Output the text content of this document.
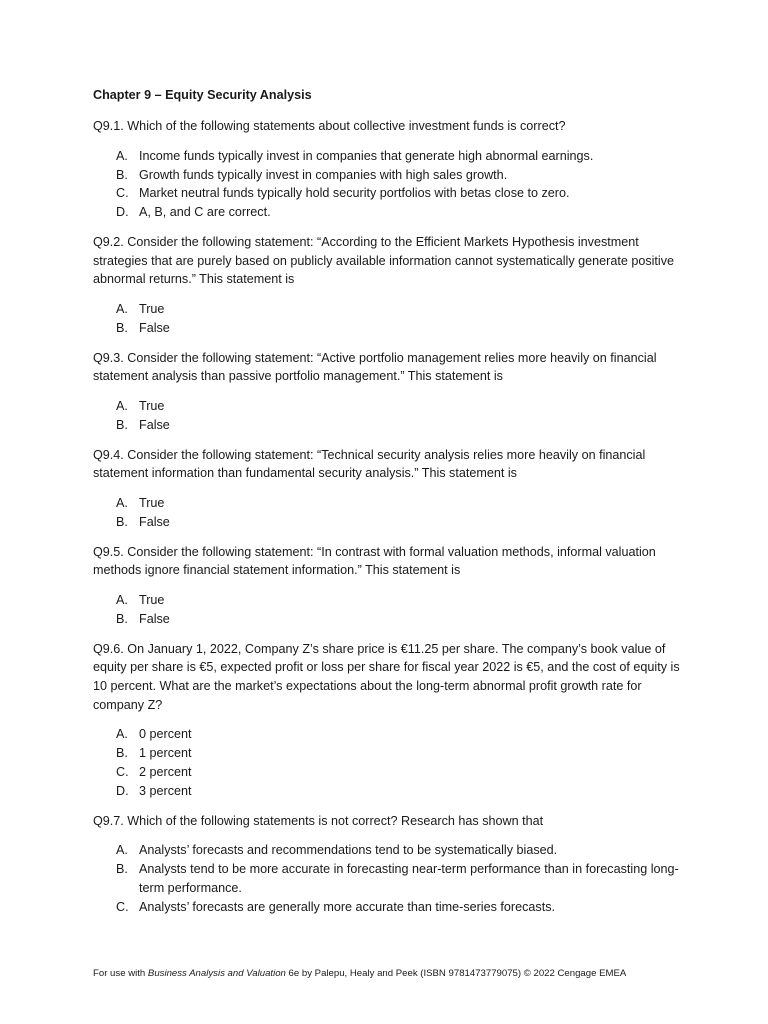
Chapter 9 – Equity Security Analysis

Q9.1. Which of the following statements about collective investment funds is correct?

A. Income funds typically invest in companies that generate high abnormal earnings.
B. Growth funds typically invest in companies with high sales growth.
C. Market neutral funds typically hold security portfolios with betas close to zero.
D. A, B, and C are correct.

Q9.2. Consider the following statement: “According to the Efficient Markets Hypothesis investment strategies that are purely based on publicly available information cannot systematically generate positive abnormal returns.” This statement is

A. True
B. False

Q9.3. Consider the following statement: “Active portfolio management relies more heavily on financial statement analysis than passive portfolio management.” This statement is

A. True
B. False

Q9.4. Consider the following statement: “Technical security analysis relies more heavily on financial statement information than fundamental security analysis.” This statement is

A. True
B. False

Q9.5. Consider the following statement: “In contrast with formal valuation methods, informal valuation methods ignore financial statement information.” This statement is

A. True
B. False

Q9.6. On January 1, 2022, Company Z’s share price is €11.25 per share. The company’s book value of equity per share is €5, expected profit or loss per share for fiscal year 2022 is €5, and the cost of equity is 10 percent. What are the market’s expectations about the long-term abnormal profit growth rate for company Z?

A. 0 percent
B. 1 percent
C. 2 percent
D. 3 percent

Q9.7. Which of the following statements is not correct? Research has shown that

A. Analysts’ forecasts and recommendations tend to be systematically biased.
B. Analysts tend to be more accurate in forecasting near-term performance than in forecasting long-term performance.
C. Analysts’ forecasts are generally more accurate than time-series forecasts.
For use with Business Analysis and Valuation 6e by Palepu, Healy and Peek (ISBN 9781473779075) © 2022 Cengage EMEA
